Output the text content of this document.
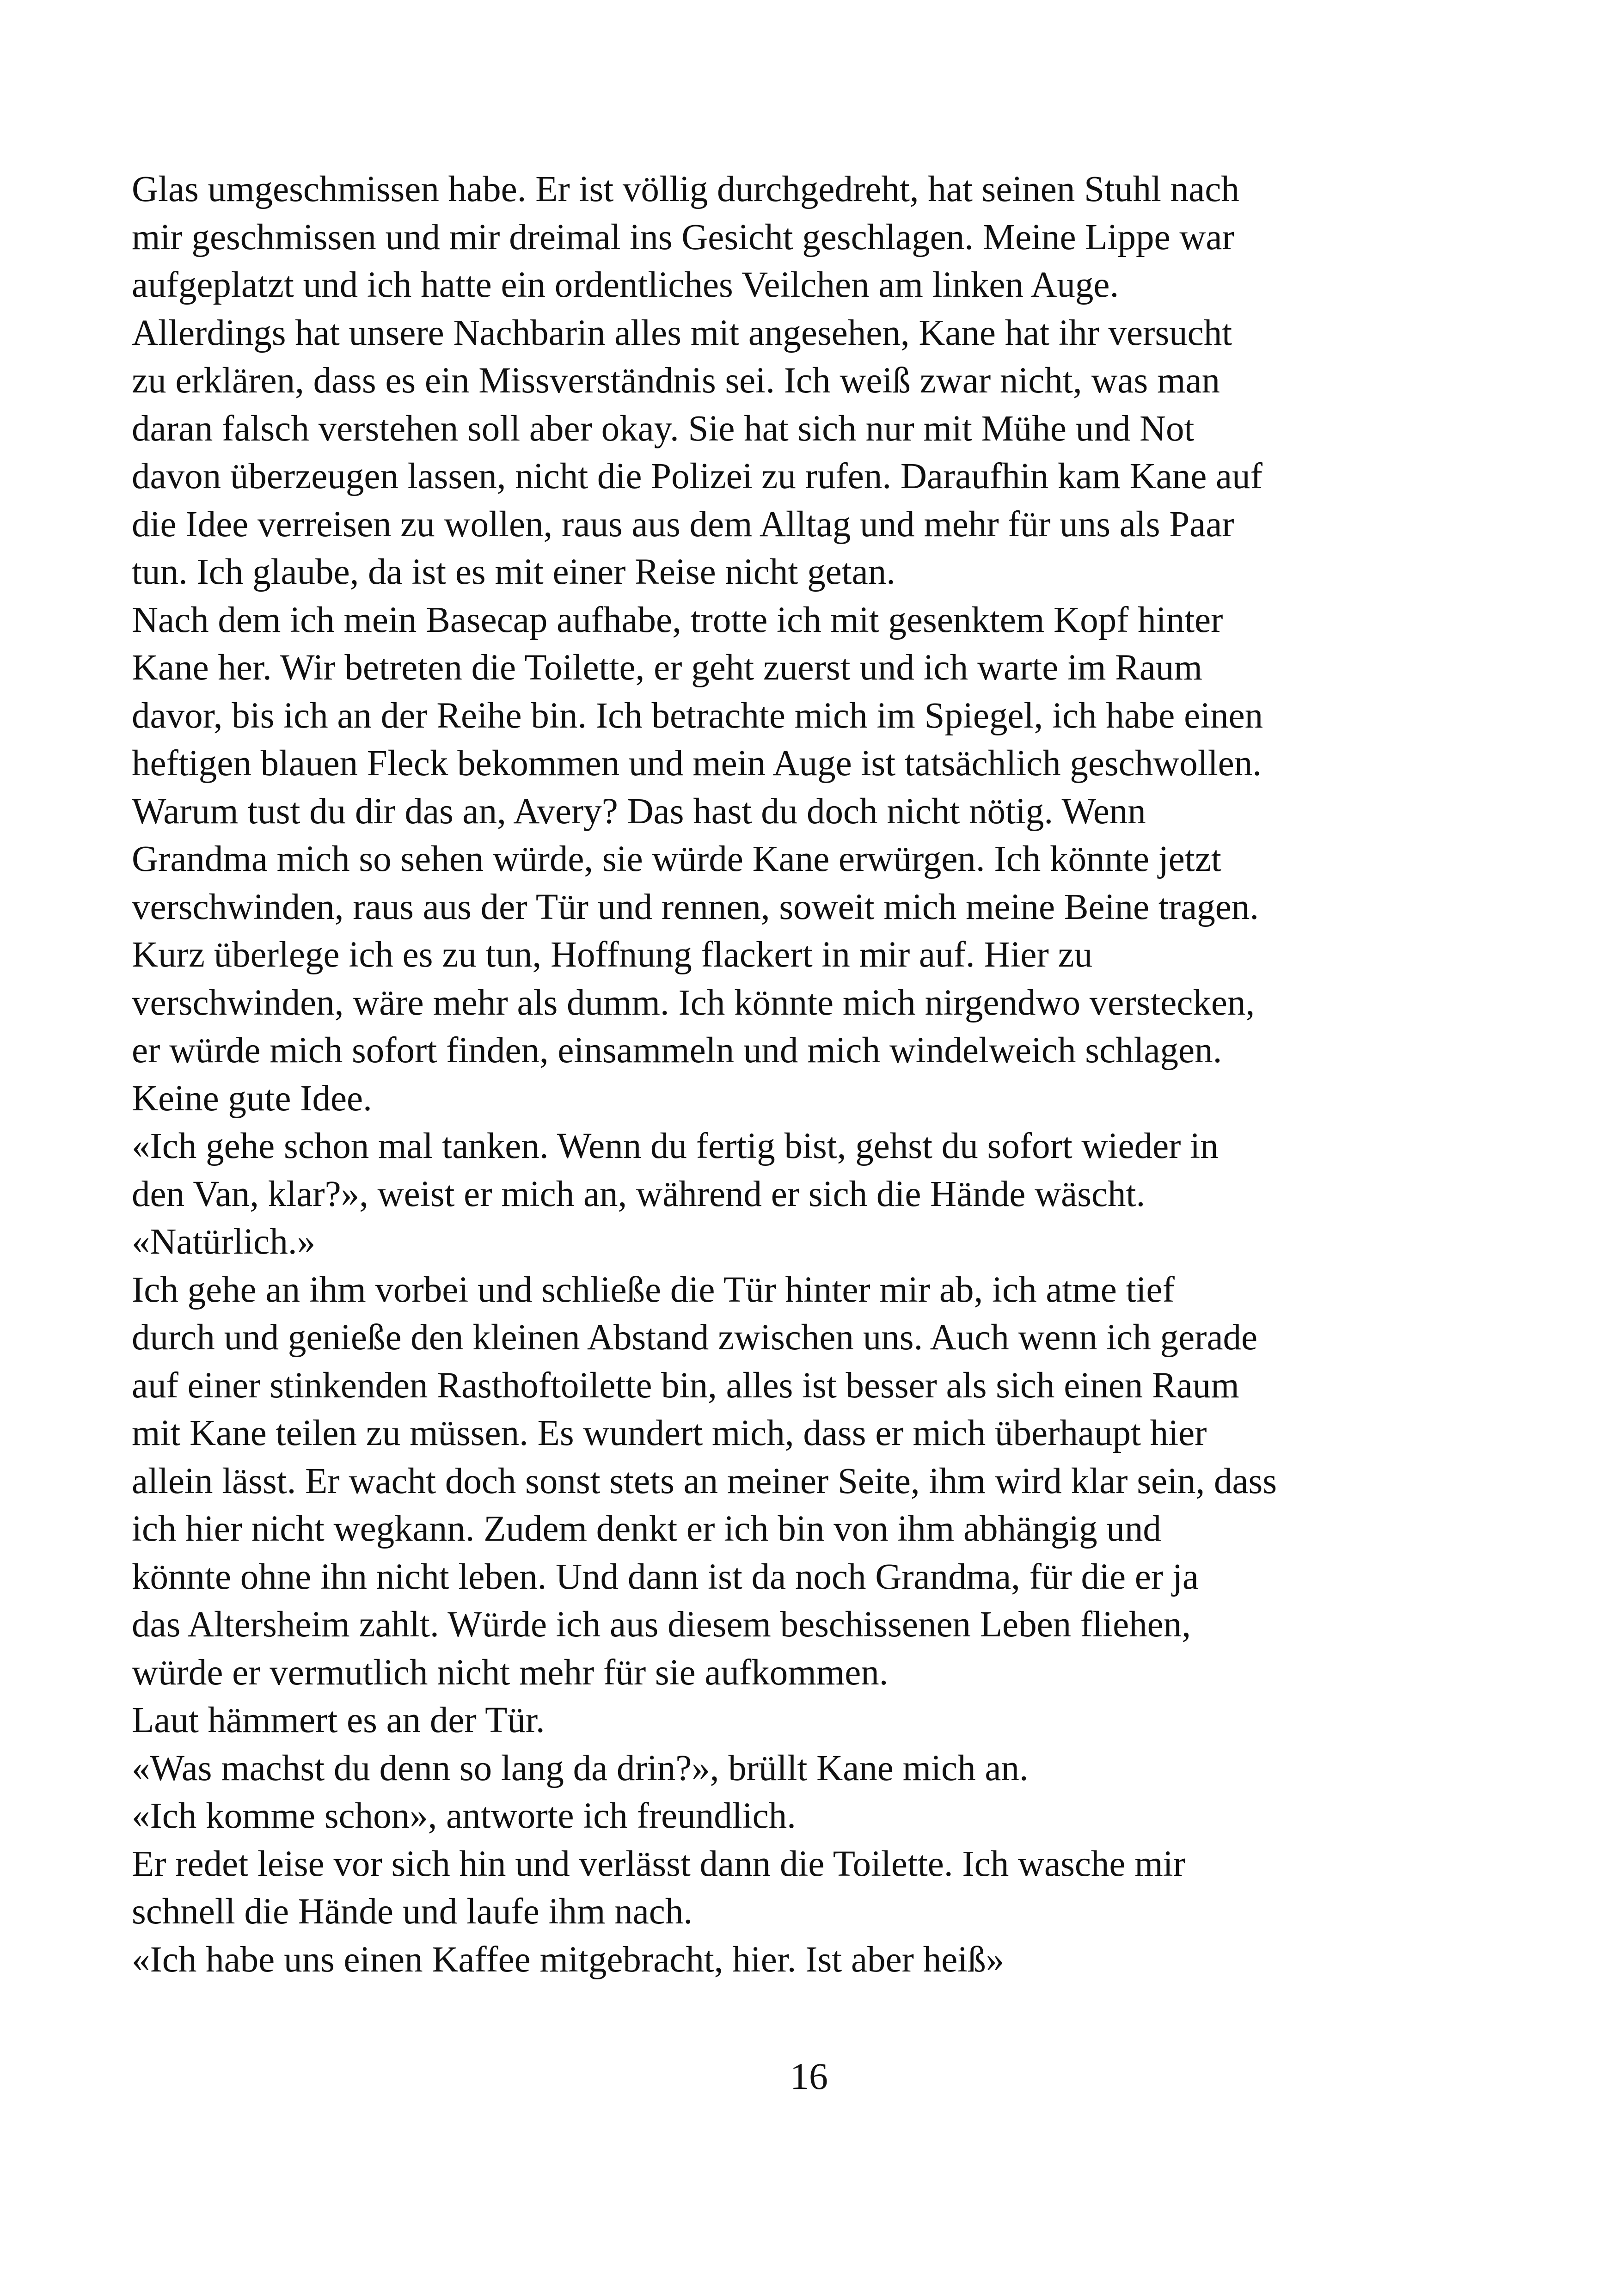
Glas umgeschmissen habe. Er ist völlig durchgedreht, hat seinen Stuhl nach

mir geschmissen und mir dreimal ins Gesicht geschlagen. Meine Lippe war

aufgeplatzt und ich hatte ein ordentliches Veilchen am linken Auge.

Allerdings hat unsere Nachbarin alles mit angesehen, Kane hat ihr versucht

zu erklären, dass es ein Missverständnis sei. Ich weiß zwar nicht, was man

daran falsch verstehen soll aber okay. Sie hat sich nur mit Mühe und Not

davon überzeugen lassen, nicht die Polizei zu rufen. Daraufhin kam Kane auf

die Idee verreisen zu wollen, raus aus dem Alltag und mehr für uns als Paar

tun. Ich glaube, da ist es mit einer Reise nicht getan.

Nach dem ich mein Basecap aufhabe, trotte ich mit gesenktem Kopf hinter

Kane her. Wir betreten die Toilette, er geht zuerst und ich warte im Raum

davor, bis ich an der Reihe bin. Ich betrachte mich im Spiegel, ich habe einen

heftigen blauen Fleck bekommen und mein Auge ist tatsächlich geschwollen.

Warum tust du dir das an, Avery? Das hast du doch nicht nötig. Wenn

Grandma mich so sehen würde, sie würde Kane erwürgen. Ich könnte jetzt

verschwinden, raus aus der Tür und rennen, soweit mich meine Beine tragen.

Kurz überlege ich es zu tun, Hoffnung flackert in mir auf. Hier zu

verschwinden, wäre mehr als dumm. Ich könnte mich nirgendwo verstecken,

er würde mich sofort finden, einsammeln und mich windelweich schlagen.

Keine gute Idee.

«Ich gehe schon mal tanken. Wenn du fertig bist, gehst du sofort wieder in

den Van, klar?», weist er mich an, während er sich die Hände wäscht.

«Natürlich.»

Ich gehe an ihm vorbei und schließe die Tür hinter mir ab, ich atme tief

durch und genieße den kleinen Abstand zwischen uns. Auch wenn ich gerade

auf einer stinkenden Rasthoftoilette bin, alles ist besser als sich einen Raum

mit Kane teilen zu müssen. Es wundert mich, dass er mich überhaupt hier

allein lässt. Er wacht doch sonst stets an meiner Seite, ihm wird klar sein, dass

ich hier nicht wegkann. Zudem denkt er ich bin von ihm abhängig und

könnte ohne ihn nicht leben. Und dann ist da noch Grandma, für die er ja

das Altersheim zahlt. Würde ich aus diesem beschissenen Leben fliehen,

würde er vermutlich nicht mehr für sie aufkommen.

Laut hämmert es an der Tür.

«Was machst du denn so lang da drin?», brüllt Kane mich an.

«Ich komme schon», antworte ich freundlich.

Er redet leise vor sich hin und verlässt dann die Toilette. Ich wasche mir

schnell die Hände und laufe ihm nach.

«Ich habe uns einen Kaffee mitgebracht, hier. Ist aber heiß»

16
